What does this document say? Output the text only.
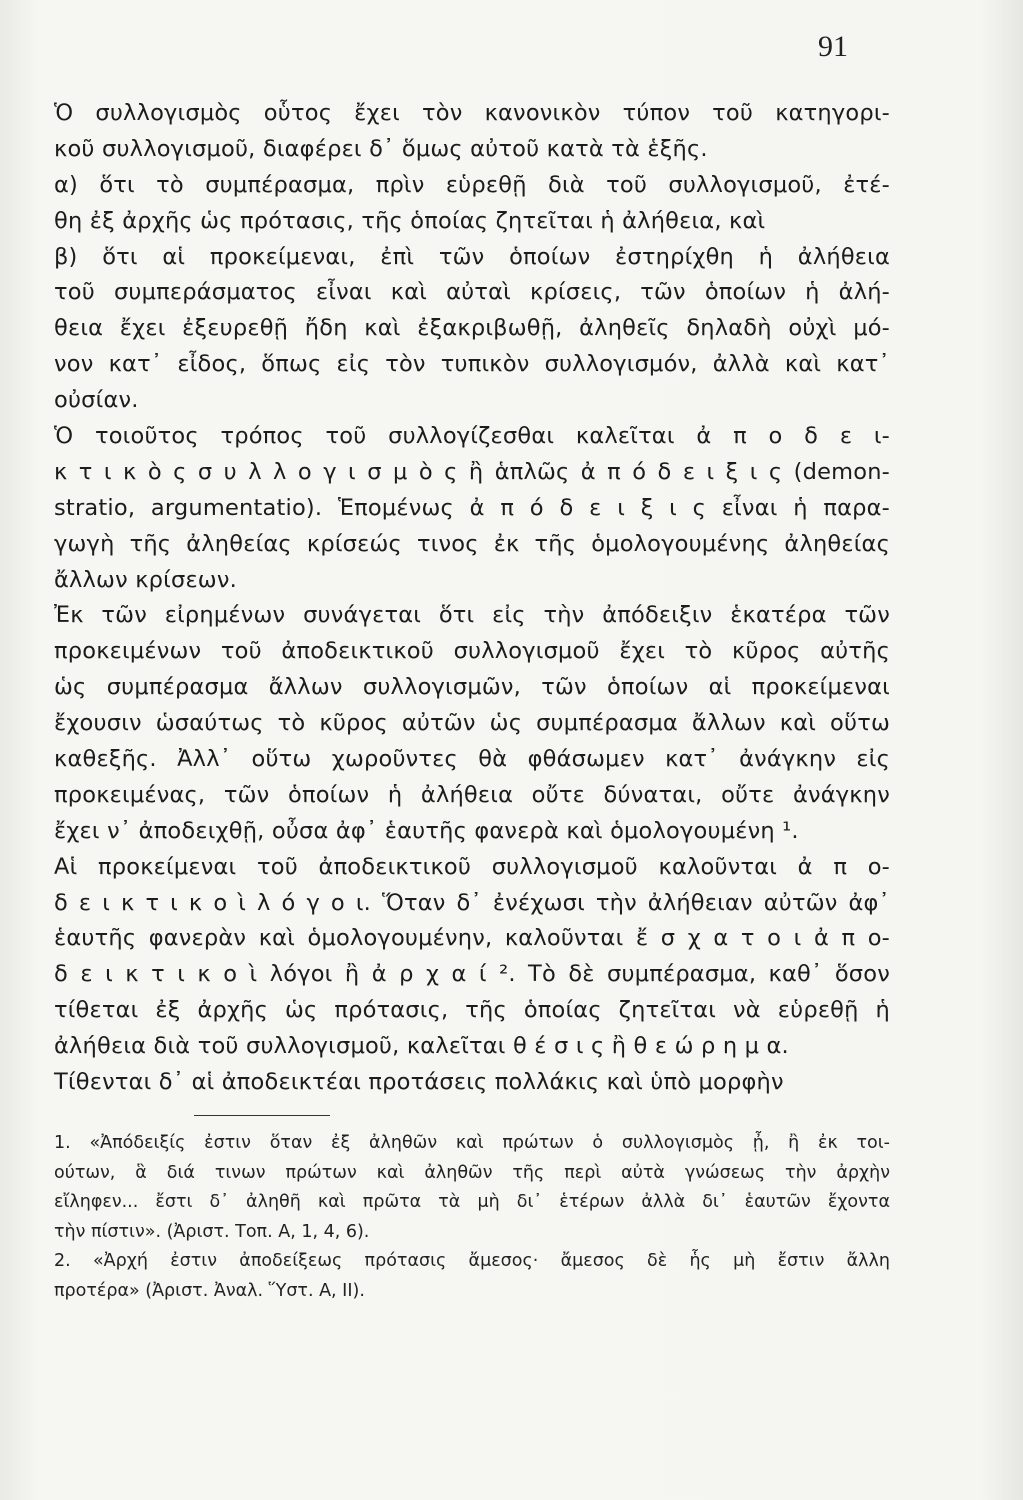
91
Ὁ συλλογισμὸς οὗτος ἔχει τὸν κανονικὸν τύπον τοῦ κατηγορι-
κοῦ συλλογισμοῦ, διαφέρει δ᾽ ὅμως αὐτοῦ κατὰ τὰ ἑξῆς.
α) ὅτι τὸ συμπέρασμα, πρὶν εὑρεθῇ διὰ τοῦ συλλογισμοῦ, ἐτέ-
θη ἐξ ἀρχῆς ὡς πρότασις, τῆς ὁποίας ζητεῖται ἡ ἀλήθεια, καὶ
β) ὅτι αἱ προκείμεναι, ἐπὶ τῶν ὁποίων ἐστηρίχθη ἡ ἀλήθεια
τοῦ συμπεράσματος εἶναι καὶ αὐταὶ κρίσεις, τῶν ὁποίων ἡ ἀλή-
θεια ἔχει ἐξευρεθῇ ἤδη καὶ ἐξακριβωθῇ, ἀληθεῖς δηλαδὴ οὐχὶ μό-
νον κατ᾽ εἶδος, ὅπως εἰς τὸν τυπικὸν συλλογισμόν, ἀλλὰ καὶ κατ᾽
οὐσίαν.
Ὁ τοιοῦτος τρόπος τοῦ συλλογίζεσθαι καλεῖται ἀ π ο δ ε ι-
κ τ ι κ ὸ ς σ υ λ λ ο γ ι σ μ ὸ ς ἢ ἁπλῶς ἀ π ό δ ε ι ξ ι ς (demon-
stratio, argumentatio). Ἑπομένως ἀ π ό δ ε ι ξ ι ς εἶναι ἡ παρα-
γωγὴ τῆς ἀληθείας κρίσεώς τινος ἐκ τῆς ὁμολογουμένης ἀληθείας
ἄλλων κρίσεων.
Ἐκ τῶν εἰρημένων συνάγεται ὅτι εἰς τὴν ἀπόδειξιν ἑκατέρα τῶν
προκειμένων τοῦ ἀποδεικτικοῦ συλλογισμοῦ ἔχει τὸ κῦρος αὐτῆς
ὡς συμπέρασμα ἄλλων συλλογισμῶν, τῶν ὁποίων αἱ προκείμεναι
ἔχουσιν ὡσαύτως τὸ κῦρος αὐτῶν ὡς συμπέρασμα ἄλλων καὶ οὕτω
καθεξῆς. Ἀλλ᾽ οὕτω χωροῦντες θὰ φθάσωμεν κατ᾽ ἀνάγκην εἰς
προκειμένας, τῶν ὁποίων ἡ ἀλήθεια οὔτε δύναται, οὔτε ἀνάγκην
ἔχει ν᾽ ἀποδειχθῇ, οὖσα ἀφ᾽ ἑαυτῆς φανερὰ καὶ ὁμολογουμένη ¹.
Αἱ προκείμεναι τοῦ ἀποδεικτικοῦ συλλογισμοῦ καλοῦνται ἀ π ο-
δ ε ι κ τ ι κ ο ὶ λ ό γ ο ι. Ὅταν δ᾽ ἐνέχωσι τὴν ἀλήθειαν αὐτῶν ἀφ᾽
ἑαυτῆς φανερὰν καὶ ὁμολογουμένην, καλοῦνται ἔ σ χ α τ ο ι ἀ π ο-
δ ε ι κ τ ι κ ο ὶ λόγοι ἢ ἀ ρ χ α ί ². Τὸ δὲ συμπέρασμα, καθ᾽ ὅσον
τίθεται ἐξ ἀρχῆς ὡς πρότασις, τῆς ὁποίας ζητεῖται νὰ εὑρεθῇ ἡ
ἀλήθεια διὰ τοῦ συλλογισμοῦ, καλεῖται θ έ σ ι ς ἢ θ ε ώ ρ η μ α.
Τίθενται δ᾽ αἱ ἀποδεικτέαι προτάσεις πολλάκις καὶ ὑπὸ μορφὴν
1. «Ἀπόδειξίς ἐστιν ὅταν ἐξ ἀληθῶν καὶ πρώτων ὁ συλλογισμὸς ᾖ, ἢ ἐκ τοι-
ούτων, ἃ διά τινων πρώτων καὶ ἀληθῶν τῆς περὶ αὐτὰ γνώσεως τὴν ἀρχὴν
εἴληφεν... ἔστι δ᾽ ἀληθῆ καὶ πρῶτα τὰ μὴ δι᾽ ἑτέρων ἀλλὰ δι᾽ ἑαυτῶν ἔχοντα
τὴν πίστιν». (Ἀριστ. Τοπ. Α, 1, 4, 6).
2. «Ἀρχή ἐστιν ἀποδείξεως πρότασις ἄμεσος· ἄμεσος δὲ ἧς μὴ ἔστιν ἄλλη
προτέρα» (Ἀριστ. Ἀναλ. Ὕστ. Α, ΙΙ).
